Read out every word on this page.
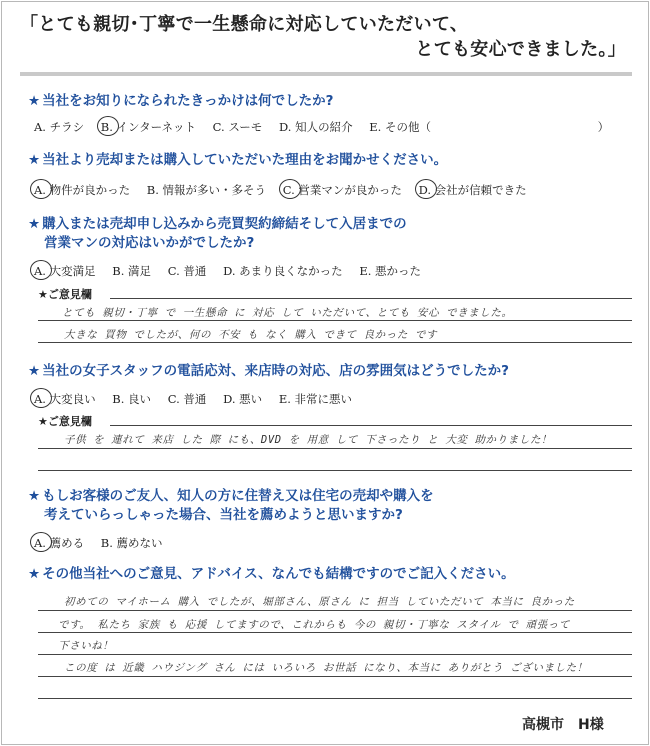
「とても親切･丁寧で一生懸命に対応していただいて、
とても安心できました。」
★ 当社をお知りになられたきっかけは何でしたか?
A. チラシ B. インターネット C. スーモ D. 知人の紹介 E. その他（	）
★ 当社より売却または購入していただいた理由をお聞かせください。
A. 物件が良かった B. 情報が多い・多そう C. 営業マンが良かった D. 会社が信頼できた
★ 購入または売却申し込みから売買契約締結そして入居までの
営業マンの対応はいかがでしたか?
A. 大変満足 B. 満足 C. 普通 D. あまり良くなかった E. 悪かった
★ご意見欄
とても 親切・丁寧 で 一生懸命 に 対応 して いただいて、とても 安心 できました。
大きな 買物 でしたが、何の 不安 も なく 購入 できて 良かった です
★ 当社の女子スタッフの電話応対、来店時の対応、店の雰囲気はどうでしたか?
A. 大変良い B. 良い C. 普通 D. 悪い E. 非常に悪い
★ご意見欄
子供 を 連れて 来店 した 際 にも、DVD を 用意 して 下さったり と 大変 助かりました！
★ もしお客様のご友人、知人の方に住替え又は住宅の売却や購入を
考えていらっしゃった場合、当社を薦めようと思いますか?
A. 薦める B. 薦めない
★ その他当社へのご意見、アドバイス、なんでも結構ですのでご記入ください。
初めての マイホーム 購入 でしたが、堀部さん、原さん に 担当 していただいて 本当に 良かった
です。 私たち 家族 も 応援 してますので、これからも 今の 親切・丁寧な スタイル で 頑張って
下さいね！
この度 は 近畿 ハウジング さん には いろいろ お世話 になり、本当に ありがとう ございました！
高槻市　H様
